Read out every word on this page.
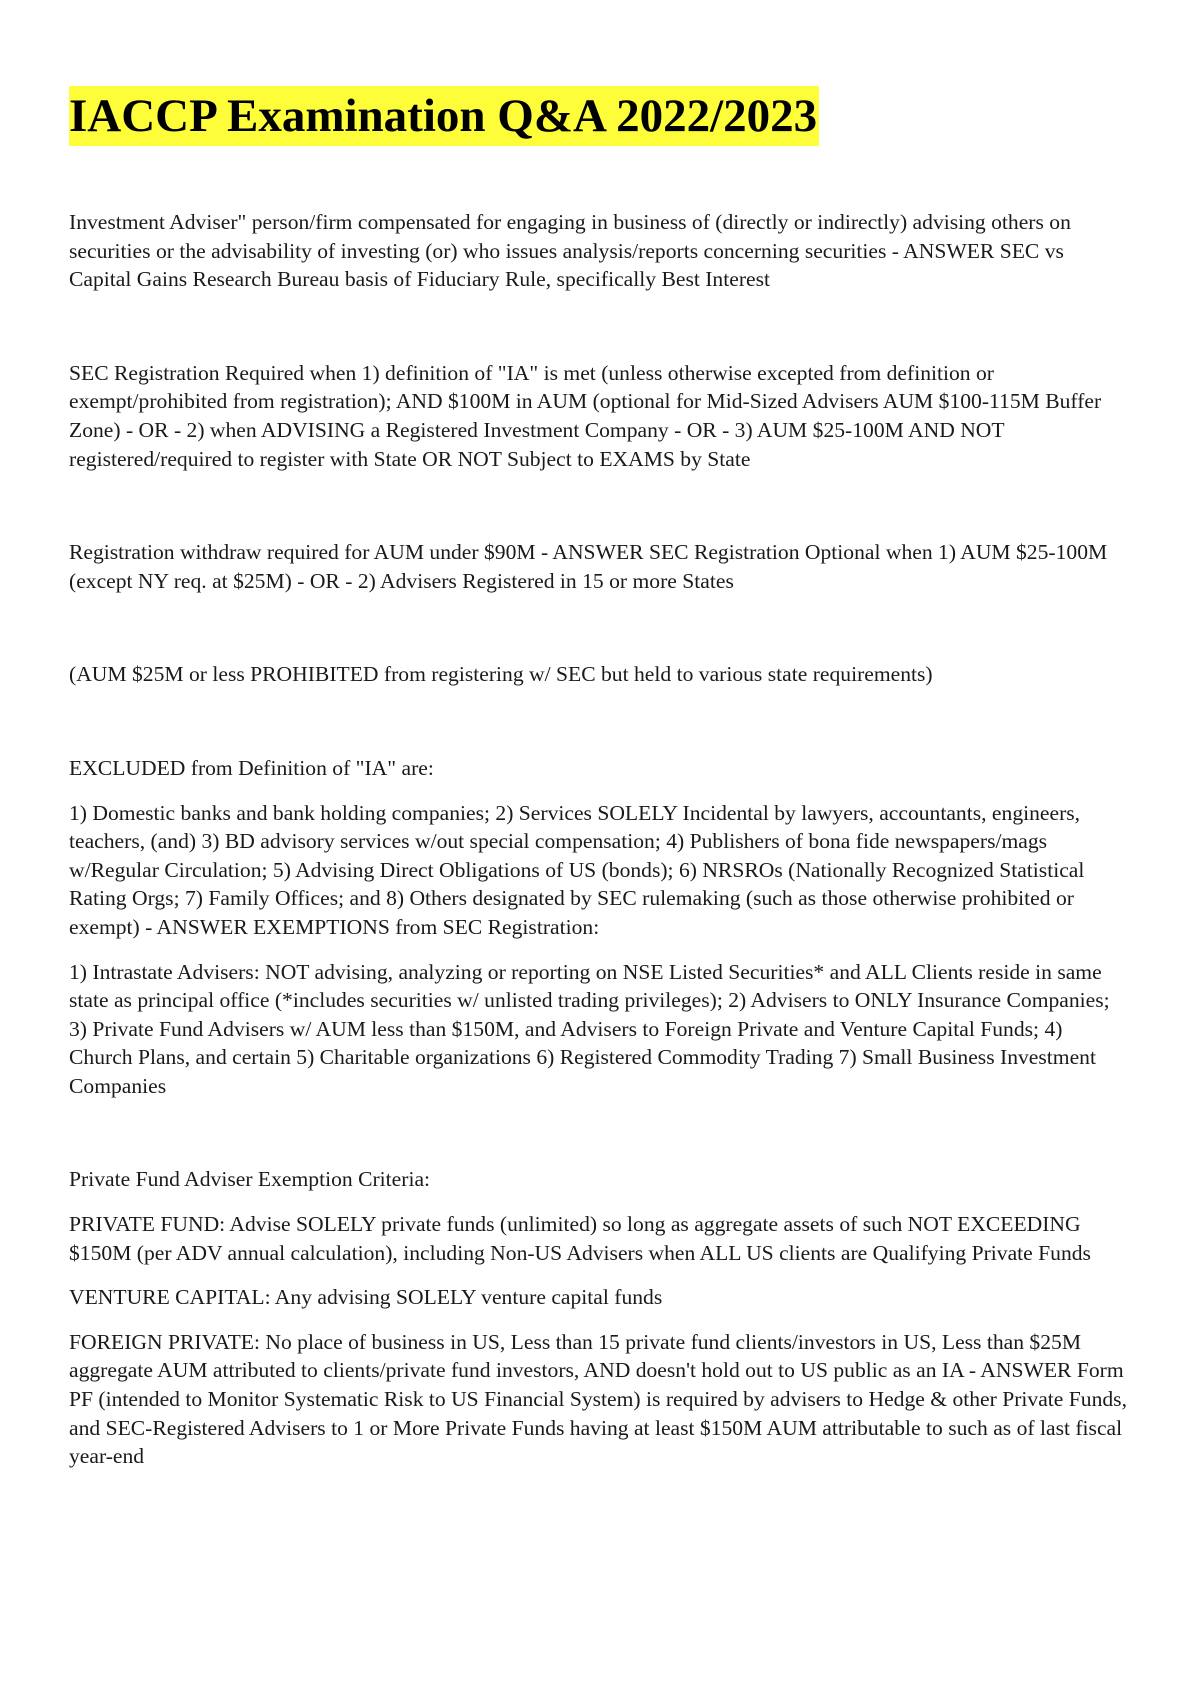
IACCP Examination Q&A 2022/2023

Investment Adviser" person/firm compensated for engaging in business of (directly or indirectly) advising others on securities or the advisability of investing (or) who issues analysis/reports concerning securities - ANSWER SEC vs Capital Gains Research Bureau basis of Fiduciary Rule, specifically Best Interest

SEC Registration Required when 1) definition of "IA" is met (unless otherwise excepted from definition or exempt/prohibited from registration); AND $100M in AUM (optional for Mid-Sized Advisers AUM $100-115M Buffer Zone) - OR - 2) when ADVISING a Registered Investment Company - OR - 3) AUM $25-100M AND NOT registered/required to register with State OR NOT Subject to EXAMS by State

Registration withdraw required for AUM under $90M - ANSWER SEC Registration Optional when 1) AUM $25-100M (except NY req. at $25M) - OR - 2) Advisers Registered in 15 or more States

(AUM $25M or less PROHIBITED from registering w/ SEC but held to various state requirements)

EXCLUDED from Definition of "IA" are:

1) Domestic banks and bank holding companies; 2) Services SOLELY Incidental by lawyers, accountants, engineers, teachers, (and) 3) BD advisory services w/out special compensation; 4) Publishers of bona fide newspapers/mags w/Regular Circulation; 5) Advising Direct Obligations of US (bonds); 6) NRSROs (Nationally Recognized Statistical Rating Orgs; 7) Family Offices; and 8) Others designated by SEC rulemaking (such as those otherwise prohibited or exempt) - ANSWER EXEMPTIONS from SEC Registration:

1) Intrastate Advisers: NOT advising, analyzing or reporting on NSE Listed Securities* and ALL Clients reside in same state as principal office (*includes securities w/ unlisted trading privileges); 2) Advisers to ONLY Insurance Companies; 3) Private Fund Advisers w/ AUM less than $150M, and Advisers to Foreign Private and Venture Capital Funds; 4) Church Plans, and certain 5) Charitable organizations 6) Registered Commodity Trading 7) Small Business Investment Companies

Private Fund Adviser Exemption Criteria:

PRIVATE FUND: Advise SOLELY private funds (unlimited) so long as aggregate assets of such NOT EXCEEDING $150M (per ADV annual calculation), including Non-US Advisers when ALL US clients are Qualifying Private Funds

VENTURE CAPITAL: Any advising SOLELY venture capital funds

FOREIGN PRIVATE: No place of business in US, Less than 15 private fund clients/investors in US, Less than $25M aggregate AUM attributed to clients/private fund investors, AND doesn't hold out to US public as an IA - ANSWER Form PF (intended to Monitor Systematic Risk to US Financial System) is required by advisers to Hedge & other Private Funds, and SEC-Registered Advisers to 1 or More Private Funds having at least $150M AUM attributable to such as of last fiscal year-end
